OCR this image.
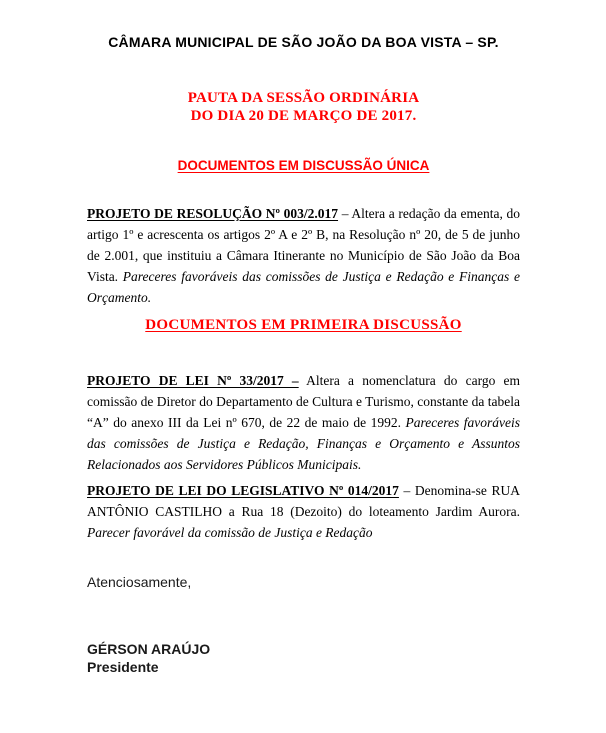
CÂMARA MUNICIPAL DE SÃO JOÃO DA BOA VISTA – SP.
PAUTA DA SESSÃO ORDINÁRIA
DO DIA 20 DE MARÇO DE 2017.
DOCUMENTOS EM DISCUSSÃO ÚNICA

PROJETO DE RESOLUÇÃO Nº 003/2.017 – Altera a redação da ementa, do artigo 1º e acrescenta os artigos 2º A e 2º B, na Resolução nº 20, de 5 de junho de 2.001, que instituiu a Câmara Itinerante no Município de São João da Boa Vista. Pareceres favoráveis das comissões de Justiça e Redação e Finanças e Orçamento.

DOCUMENTOS EM PRIMEIRA DISCUSSÃO

PROJETO DE LEI Nº 33/2017 – Altera a nomenclatura do cargo em comissão de Diretor do Departamento de Cultura e Turismo, constante da tabela “A” do anexo III da Lei nº 670, de 22 de maio de 1992. Pareceres favoráveis das comissões de Justiça e Redação, Finanças e Orçamento e Assuntos Relacionados aos Servidores Públicos Municipais.

PROJETO DE LEI DO LEGISLATIVO Nº 014/2017 – Denomina-se RUA ANTÔNIO CASTILHO a Rua 18 (Dezoito) do loteamento Jardim Aurora. Parecer favorável da comissão de Justiça e Redação

Atenciosamente,

GÉRSON ARAÚJO
Presidente
